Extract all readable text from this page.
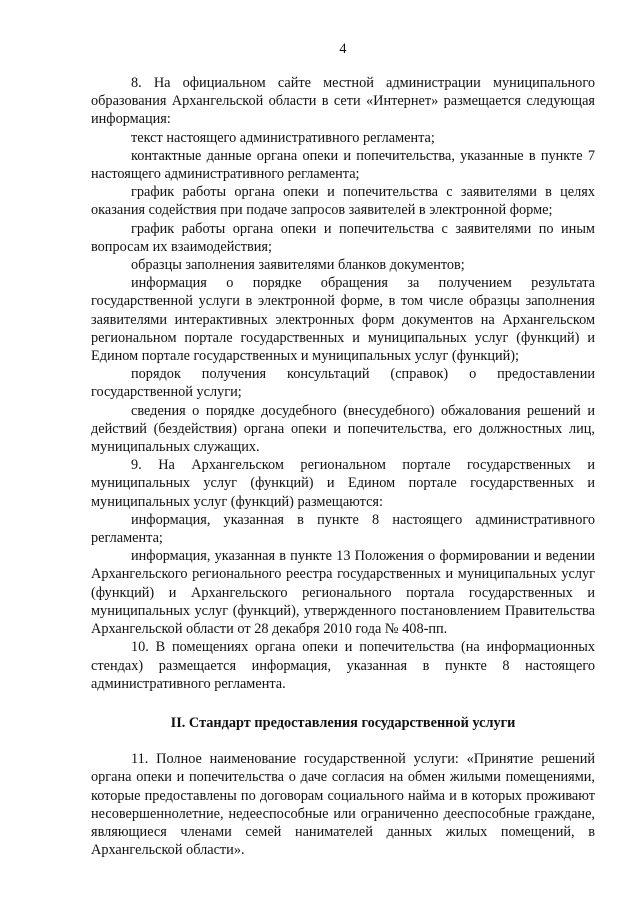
4

8. На официальном сайте местной администрации муниципального образования Архангельской области в сети «Интернет» размещается следующая информация:

текст настоящего административного регламента;

контактные данные органа опеки и попечительства, указанные в пункте 7 настоящего административного регламента;

график работы органа опеки и попечительства с заявителями в целях оказания содействия при подаче запросов заявителей в электронной форме;

график работы органа опеки и попечительства с заявителями по иным вопросам их взаимодействия;

образцы заполнения заявителями бланков документов;

информация о порядке обращения за получением результата государственной услуги в электронной форме, в том числе образцы заполнения заявителями интерактивных электронных форм документов на Архангельском региональном портале государственных и муниципальных услуг (функций) и Едином портале государственных и муниципальных услуг (функций);

порядок получения консультаций (справок) о предоставлении государственной услуги;

сведения о порядке досудебного (внесудебного) обжалования решений и действий (бездействия) органа опеки и попечительства, его должностных лиц, муниципальных служащих.

9. На Архангельском региональном портале государственных и муниципальных услуг (функций) и Едином портале государственных и муниципальных услуг (функций) размещаются:

информация, указанная в пункте 8 настоящего административного регламента;

информация, указанная в пункте 13 Положения о формировании и ведении Архангельского регионального реестра государственных и муниципальных услуг (функций) и Архангельского регионального портала государственных и муниципальных услуг (функций), утвержденного постановлением Правительства Архангельской области от 28 декабря 2010 года № 408-пп.

10. В помещениях органа опеки и попечительства (на информационных стендах) размещается информация, указанная в пункте 8 настоящего административного регламента.

II. Стандарт предоставления государственной услуги

11. Полное наименование государственной услуги: «Принятие решений органа опеки и попечительства о даче согласия на обмен жилыми помещениями, которые предоставлены по договорам социального найма и в которых проживают несовершеннолетние, недееспособные или ограниченно дееспособные граждане, являющиеся членами семей нанимателей данных жилых помещений, в Архангельской области».
